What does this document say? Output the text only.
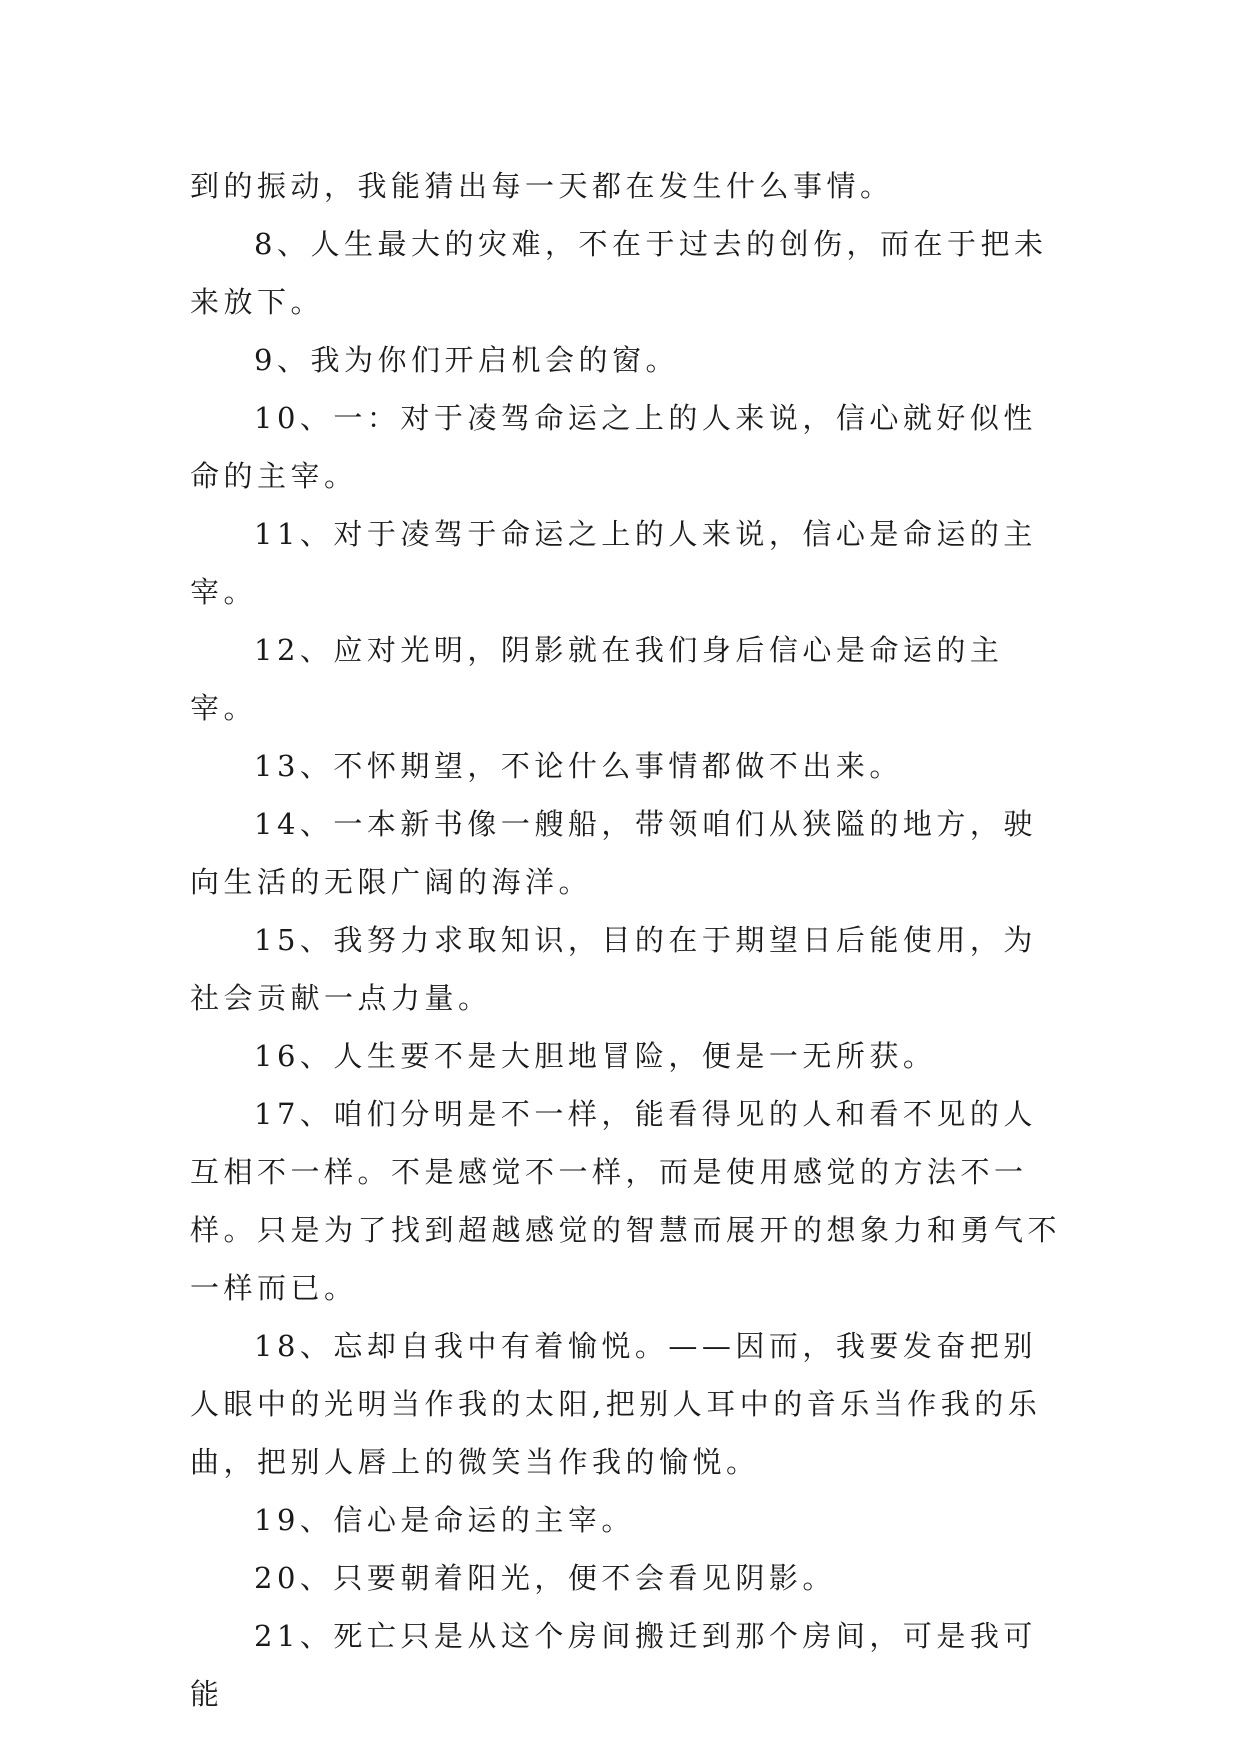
到的振动，我能猜出每一天都在发生什么事情。

8、人生最大的灾难，不在于过去的创伤，而在于把未来放下。

9、我为你们开启机会的窗。

10、一：对于凌驾命运之上的人来说，信心就好似性命的主宰。

11、对于凌驾于命运之上的人来说，信心是命运的主宰。

12、应对光明，阴影就在我们身后信心是命运的主宰。

13、不怀期望，不论什么事情都做不出来。

14、一本新书像一艘船，带领咱们从狭隘的地方，驶向生活的无限广阔的海洋。

15、我努力求取知识，目的在于期望日后能使用，为社会贡献一点力量。

16、人生要不是大胆地冒险，便是一无所获。

17、咱们分明是不一样，能看得见的人和看不见的人互相不一样。不是感觉不一样，而是使用感觉的方法不一样。只是为了找到超越感觉的智慧而展开的想象力和勇气不一样而已。

18、忘却自我中有着愉悦。——因而，我要发奋把别人眼中的光明当作我的太阳,把别人耳中的音乐当作我的乐曲，把别人唇上的微笑当作我的愉悦。

19、信心是命运的主宰。

20、只要朝着阳光，便不会看见阴影。

21、死亡只是从这个房间搬迁到那个房间，可是我可能
